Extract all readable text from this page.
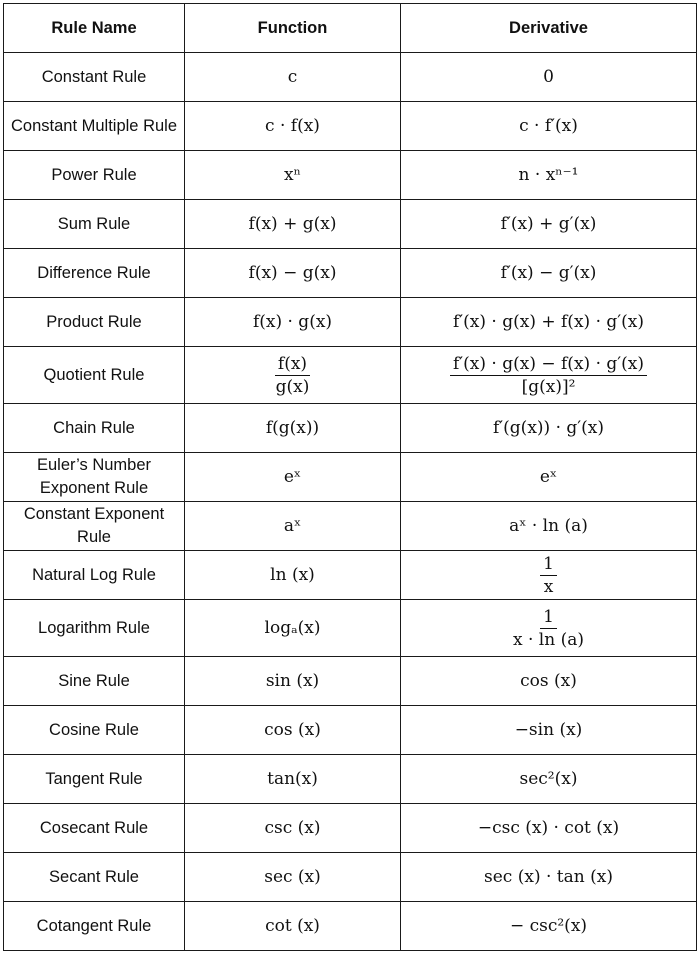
Rule Name	Function	Derivative
Constant Rule	c	0
Constant Multiple Rule	c · f(x)	c · f′(x)
Power Rule	xⁿ	n · xⁿ⁻¹
Sum Rule	f(x) + g(x)	f′(x) + g′(x)
Difference Rule	f(x) − g(x)	f′(x) − g′(x)
Product Rule	f(x) · g(x)	f′(x) · g(x) + f(x) · g′(x)
Quotient Rule	$\frac{f(x)}{g(x)}$	$\frac{f'(x) \cdot g(x) - f(x) \cdot g'(x)}{\text{[g(x)]²}}$

Chain Rule	f(g(x))	f′(g(x)) · g′(x)
Euler’s Number Exponent Rule	eˣ	eˣ
Constant Exponent Rule	aˣ	aˣ · ln (a)
Natural Log Rule	ln (x)	$\frac{1}{x}$

Logarithm Rule	logₐ(x)	$\frac{1}{x \cdot \ln (a)}$

Sine Rule	sin (x)	cos (x)
Cosine Rule	cos (x)	−sin (x)
Tangent Rule	tan(x)	sec²(x)
Cosecant Rule	csc (x)	−csc (x) · cot (x)
Secant Rule	sec (x)	sec (x) · tan (x)
Cotangent Rule	cot (x)	− csc²(x)
